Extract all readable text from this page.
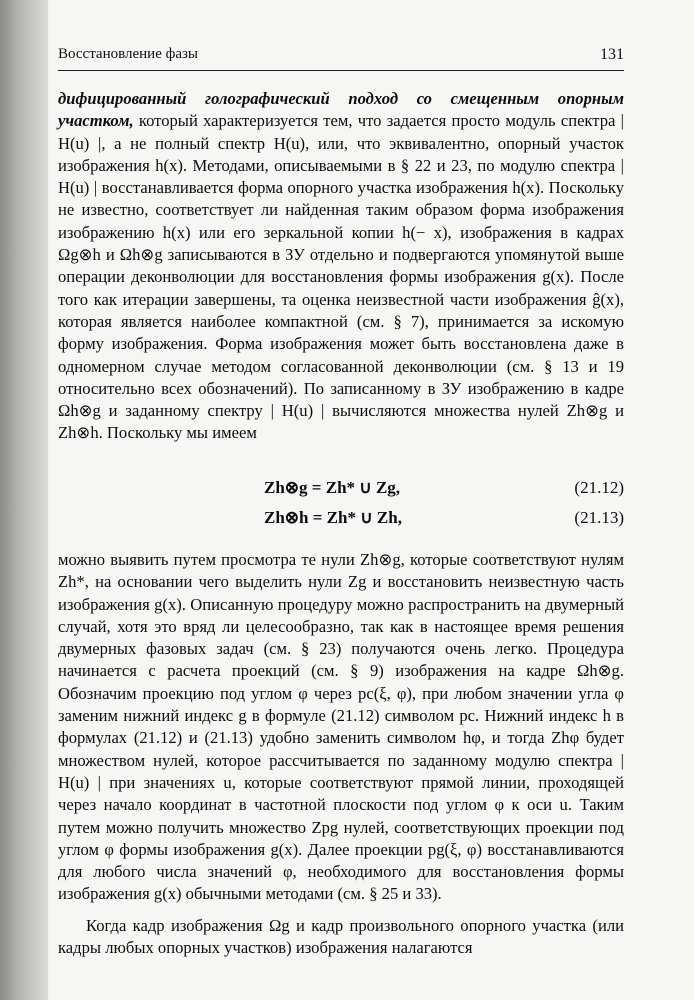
Восстановление фазы	131

дифицированный голографический подход со смещенным опорным участком, который характеризуется тем, что задается просто модуль спектра | H(u) |, а не полный спектр H(u), или, что эквивалентно, опорный участок изображения h(x). Методами, описываемыми в § 22 и 23, по модулю спектра | H(u) | восстанавливается форма опорного участка изображения h(x). Поскольку не известно, соответствует ли найденная таким образом форма изображения изображению h(x) или его зеркальной копии h(− x), изображения в кадрах Ωg⊗h и Ωh⊗g записываются в ЗУ отдельно и подвергаются упомянутой выше операции деконволюции для восстановления формы изображения g(x). После того как итерации завершены, та оценка неизвестной части изображения ĝ(x), которая является наиболее компактной (см. § 7), принимается за искомую форму изображения. Форма изображения может быть восстановлена даже в одномерном случае методом согласованной деконволюции (см. § 13 и 19 относительно всех обозначений). По записанному в ЗУ изображению в кадре Ωh⊗g и заданному спектру | H(u) | вычисляются множества нулей Zh⊗g и Zh⊗h. Поскольку мы имеем

Zh⊗g = Zh* ∪ Zg,	(21.12)
Zh⊗h = Zh* ∪ Zh,	(21.13)

можно выявить путем просмотра те нули Zh⊗g, которые соответствуют нулям Zh*, на основании чего выделить нули Zg и восстановить неизвестную часть изображения g(x). Описанную процедуру можно распространить на двумерный случай, хотя это вряд ли целесообразно, так как в настоящее время решения двумерных фазовых задач (см. § 23) получаются очень легко. Процедура начинается с расчета проекций (см. § 9) изображения на кадре Ωh⊗g. Обозначим проекцию под углом φ через pc(ξ, φ), при любом значении угла φ заменим нижний индекс g в формуле (21.12) символом pc. Нижний индекс h в формулах (21.12) и (21.13) удобно заменить символом hφ, и тогда Zhφ будет множеством нулей, которое рассчитывается по заданному модулю спектра | H(u) | при значениях u, которые соответствуют прямой линии, проходящей через начало координат в частотной плоскости под углом φ к оси u. Таким путем можно получить множество Zpg нулей, соответствующих проекции под углом φ формы изображения g(x). Далее проекции pg(ξ, φ) восстанавливаются для любого числа значений φ, необходимого для восстановления формы изображения g(x) обычными методами (см. § 25 и 33).

Когда кадр изображения Ωg и кадр произвольного опорного участка (или кадры любых опорных участков) изображения налагаются
